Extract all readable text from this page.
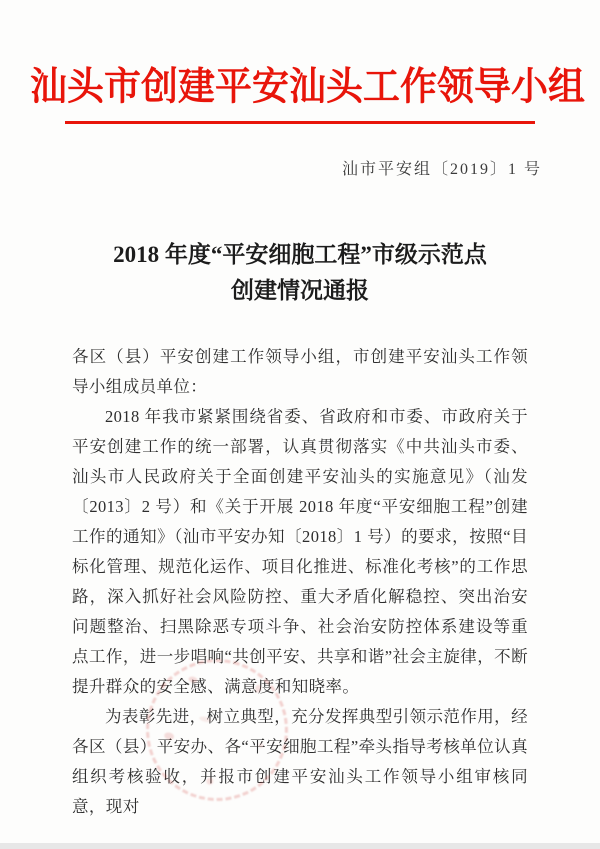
汕头市创建平安汕头工作领导小组
汕市平安组〔2019〕1 号
2018 年度“平安细胞工程”市级示范点
创建情况通报

各区（县）平安创建工作领导小组，市创建平安汕头工作领导小组成员单位：

2018 年我市紧紧围绕省委、省政府和市委、市政府关于平安创建工作的统一部署，认真贯彻落实《中共汕头市委、汕头市人民政府关于全面创建平安汕头的实施意见》（汕发〔2013〕2 号）和《关于开展 2018 年度“平安细胞工程”创建工作的通知》（汕市平安办知〔2018〕1 号）的要求，按照“目标化管理、规范化运作、项目化推进、标准化考核”的工作思路，深入抓好社会风险防控、重大矛盾化解稳控、突出治安问题整治、扫黑除恶专项斗争、社会治安防控体系建设等重点工作，进一步唱响“共创平安、共享和谐”社会主旋律，不断提升群众的安全感、满意度和知晓率。

为表彰先进，树立典型，充分发挥典型引领示范作用，经各区（县）平安办、各“平安细胞工程”牵头指导考核单位认真组织考核验收，并报市创建平安汕头工作领导小组审核同意，现对
